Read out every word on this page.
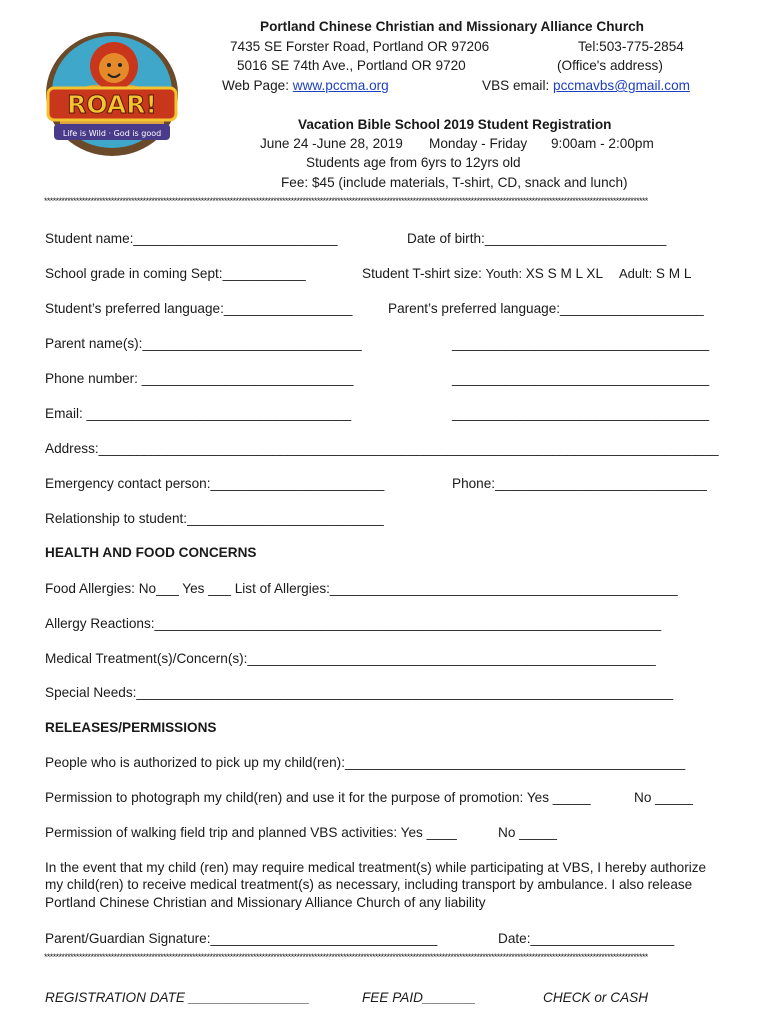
ROAR!
Life is Wild · God is good
Portland Chinese Christian and Missionary Alliance Church
7435 SE Forster Road, Portland OR 97206	Tel:503-775-2854
5016 SE 74th Ave., Portland OR 9720	(Office's address)
Web Page: www.pccma.org	VBS email: pccmavbs@gmail.com
Vacation Bible School 2019 Student Registration
June 24 -June 28, 2019 Monday - Friday 9:00am - 2:00pm
Students age from 6yrs to 12yrs old
Fee: $45 (include materials, T-shirt, CD, snack and lunch)
****************************************************************************************************************************************************************************************************************
Student name:___________________________	Date of birth:________________________
School grade in coming Sept:___________	Student T-shirt size: Youth: XS S M L XL Adult: S M L
Student’s preferred language:_________________	Parent’s preferred language:___________________
Parent name(s):_____________________________	__________________________________
Phone number: ____________________________	__________________________________
Email: ___________________________________	__________________________________
Address:__________________________________________________________________________________
Emergency contact person:_______________________	Phone:____________________________
Relationship to student:__________________________
HEALTH AND FOOD CONCERNS
Food Allergies: No___ Yes ___ List of Allergies:______________________________________________
Allergy Reactions:___________________________________________________________________
Medical Treatment(s)/Concern(s):______________________________________________________
Special Needs:_______________________________________________________________________
RELEASES/PERMISSIONS
People who is authorized to pick up my child(ren):_____________________________________________
Permission to photograph my child(ren) and use it for the purpose of promotion: Yes _____	No _____
Permission of walking field trip and planned VBS activities: Yes ____	No _____
In the event that my child (ren) may require medical treatment(s) while participating at VBS, I hereby authorize
my child(ren) to receive medical treatment(s) as necessary, including transport by ambulance. I also release
Portland Chinese Christian and Missionary Alliance Church of any liability
Parent/Guardian Signature:______________________________	Date:___________________
****************************************************************************************************************************************************************************************************************
REGISTRATION DATE ________________	FEE PAID_______	CHECK or CASH
